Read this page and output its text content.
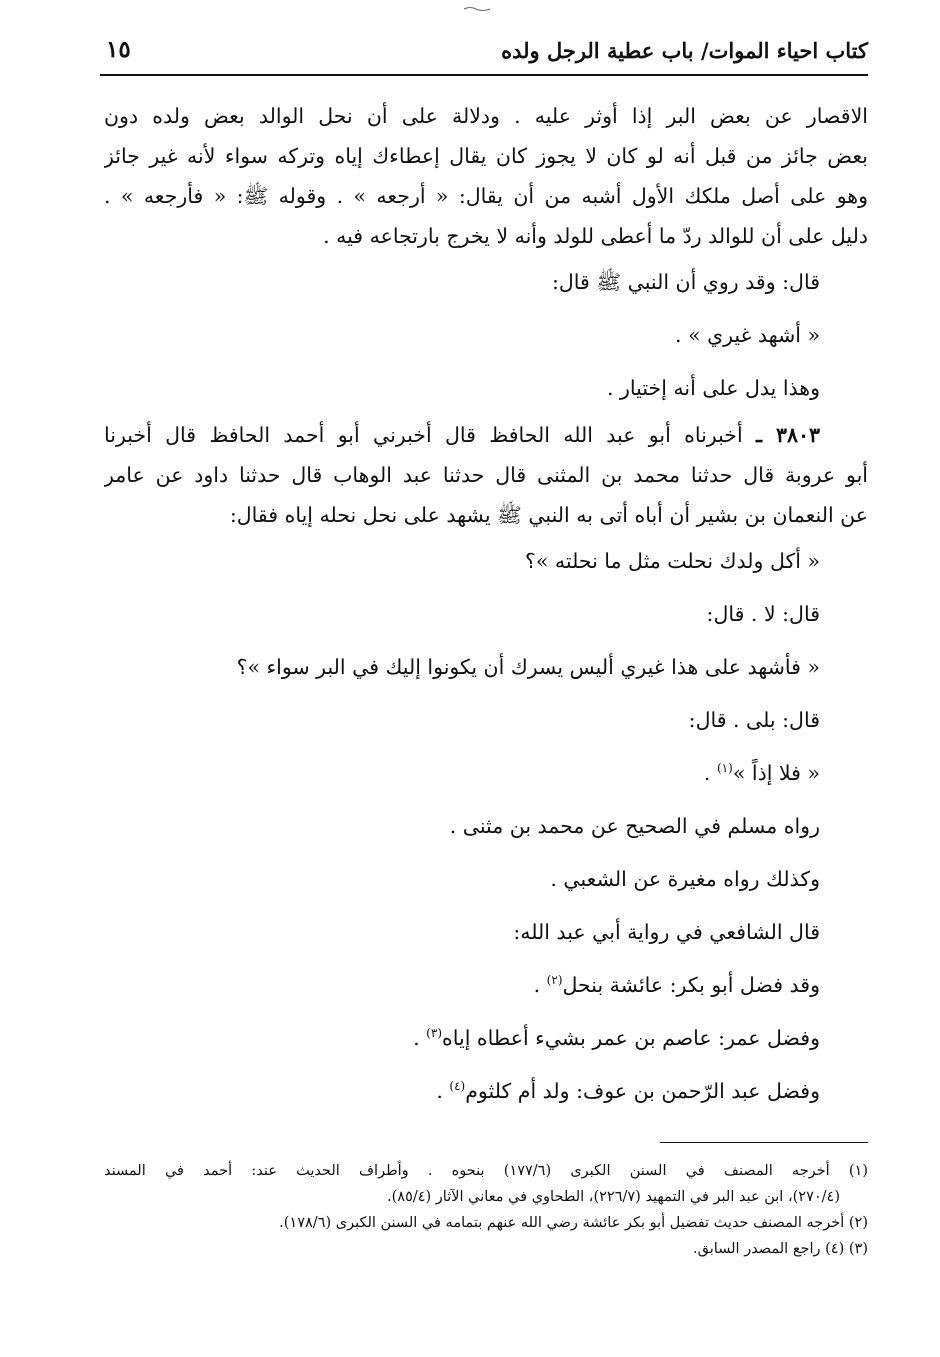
كتاب احياء الموات/ باب عطية الرجل ولده
١٥
الاقصار عن بعض البر إذا أوثر عليه . ودلالة على أن نحل الوالد بعض ولده دون
بعض جائز من قبل أنه لو كان لا يجوز كان يقال إعطاءك إياه وتركه سواء لأنه غير جائز
وهو على أصل ملكك الأول أشبه من أن يقال: « أرجعه » . وقوله ﷺ: « فأرجعه » .
دليل على أن للوالد ردّ ما أعطى للولد وأنه لا يخرج بارتجاعه فيه .
قال: وقد روي أن النبي ﷺ قال:
« أشهد غيري » .
وهذا يدل على أنه إختيار .
٣٨٠٣ ـ أخبرناه أبو عبد الله الحافظ قال أخبرني أبو أحمد الحافظ قال أخبرنا
أبو عروبة قال حدثنا محمد بن المثنى قال حدثنا عبد الوهاب قال حدثنا داود عن عامر
عن النعمان بن بشير أن أباه أتى به النبي ﷺ يشهد على نحل نحله إياه فقال:
« أكل ولدك نحلت مثل ما نحلته »؟
قال: لا . قال:
« فأشهد على هذا غيري أليس يسرك أن يكونوا إليك في البر سواء »؟
قال: بلى . قال:
« فلا إذاً »$^{(١)}$ .
رواه مسلم في الصحيح عن محمد بن مثنى .
وكذلك رواه مغيرة عن الشعبي .
قال الشافعي في رواية أبي عبد الله:
وقد فضل أبو بكر: عائشة بنحل$^{(٢)}$ .
وفضل عمر: عاصم بن عمر بشيء أعطاه إياه$^{(٣)}$ .
وفضل عبد الرّحمن بن عوف: ولد أم كلثوم$^{(٤)}$ .
(١) أخرجه المصنف في السنن الكبرى (١٧٧/٦) بنحوه . وأطراف الحديث عند: أحمد في المسند
(٢٧٠/٤)، ابن عبد البر في التمهيد (٢٢٦/٧)، الطحاوي في معاني الآثار (٨٥/٤).
(٢) أخرجه المصنف حديث تفضيل أبو بكر عائشة رضي الله عنهم بتمامه في السنن الكبرى (١٧٨/٦).
(٣) (٤) راجع المصدر السابق.
